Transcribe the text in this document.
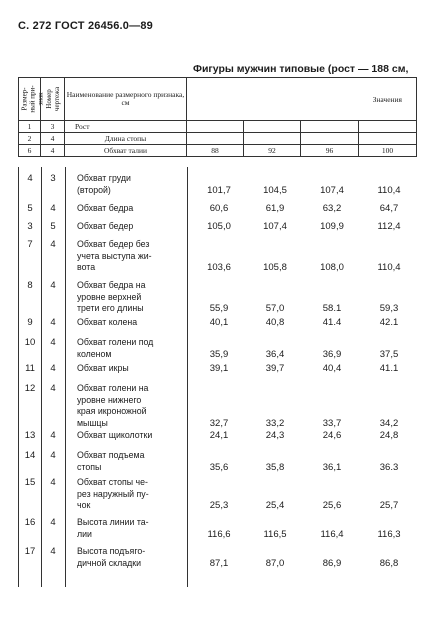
С. 272 ГОСТ 26456.0—89
Фигуры мужчин типовые (рост — 188 см,
Размер-
ный при-
знак	Номер
чертежа	Наименование размерного признака, см	Значения			
1	3	Рост				
2	4	Длина стопы				
6	4	Обхват талии	88	92	96	100
4	3	Обхват груди
(второй)	101,7	104,5	107,4	110,4
5	4	Обхват бедра	60,6	61,9	63,2	64,7
3	5	Обхват бедер	105,0	107,4	109,9	112,4
7	4	Обхват бедер без
учета выступа жи-
вота	103,6	105,8	108,0	110,4
8	4	Обхват бедра на
уровне верхней
трети его длины	55,9	57,0	58.1	59,3
9	4	Обхват колена	40,1	40,8	41.4	42.1
10	4	Обхват голени под
коленом	35,9	36,4	36,9	37,5
11	4	Обхват икры	39,1	39,7	40,4	41.1
12	4	Обхват голени на
уровне нижнего
края икроножной
мышцы	32,7	33,2	33,7	34,2
13	4	Обхват щиколотки	24,1	24,3	24,6	24,8
14	4	Обхват подъема
стопы	35,6	35,8	36,1	36.3
15	4	Обхват стопы че-
рез наружный пу-
чок	25,3	25,4	25,6	25,7
16	4	Высота линии та-
лии	116,6	116,5	116,4	116,3
17	4	Высота подъяго-
дичной складки	87,1	87,0	86,9	86,8
